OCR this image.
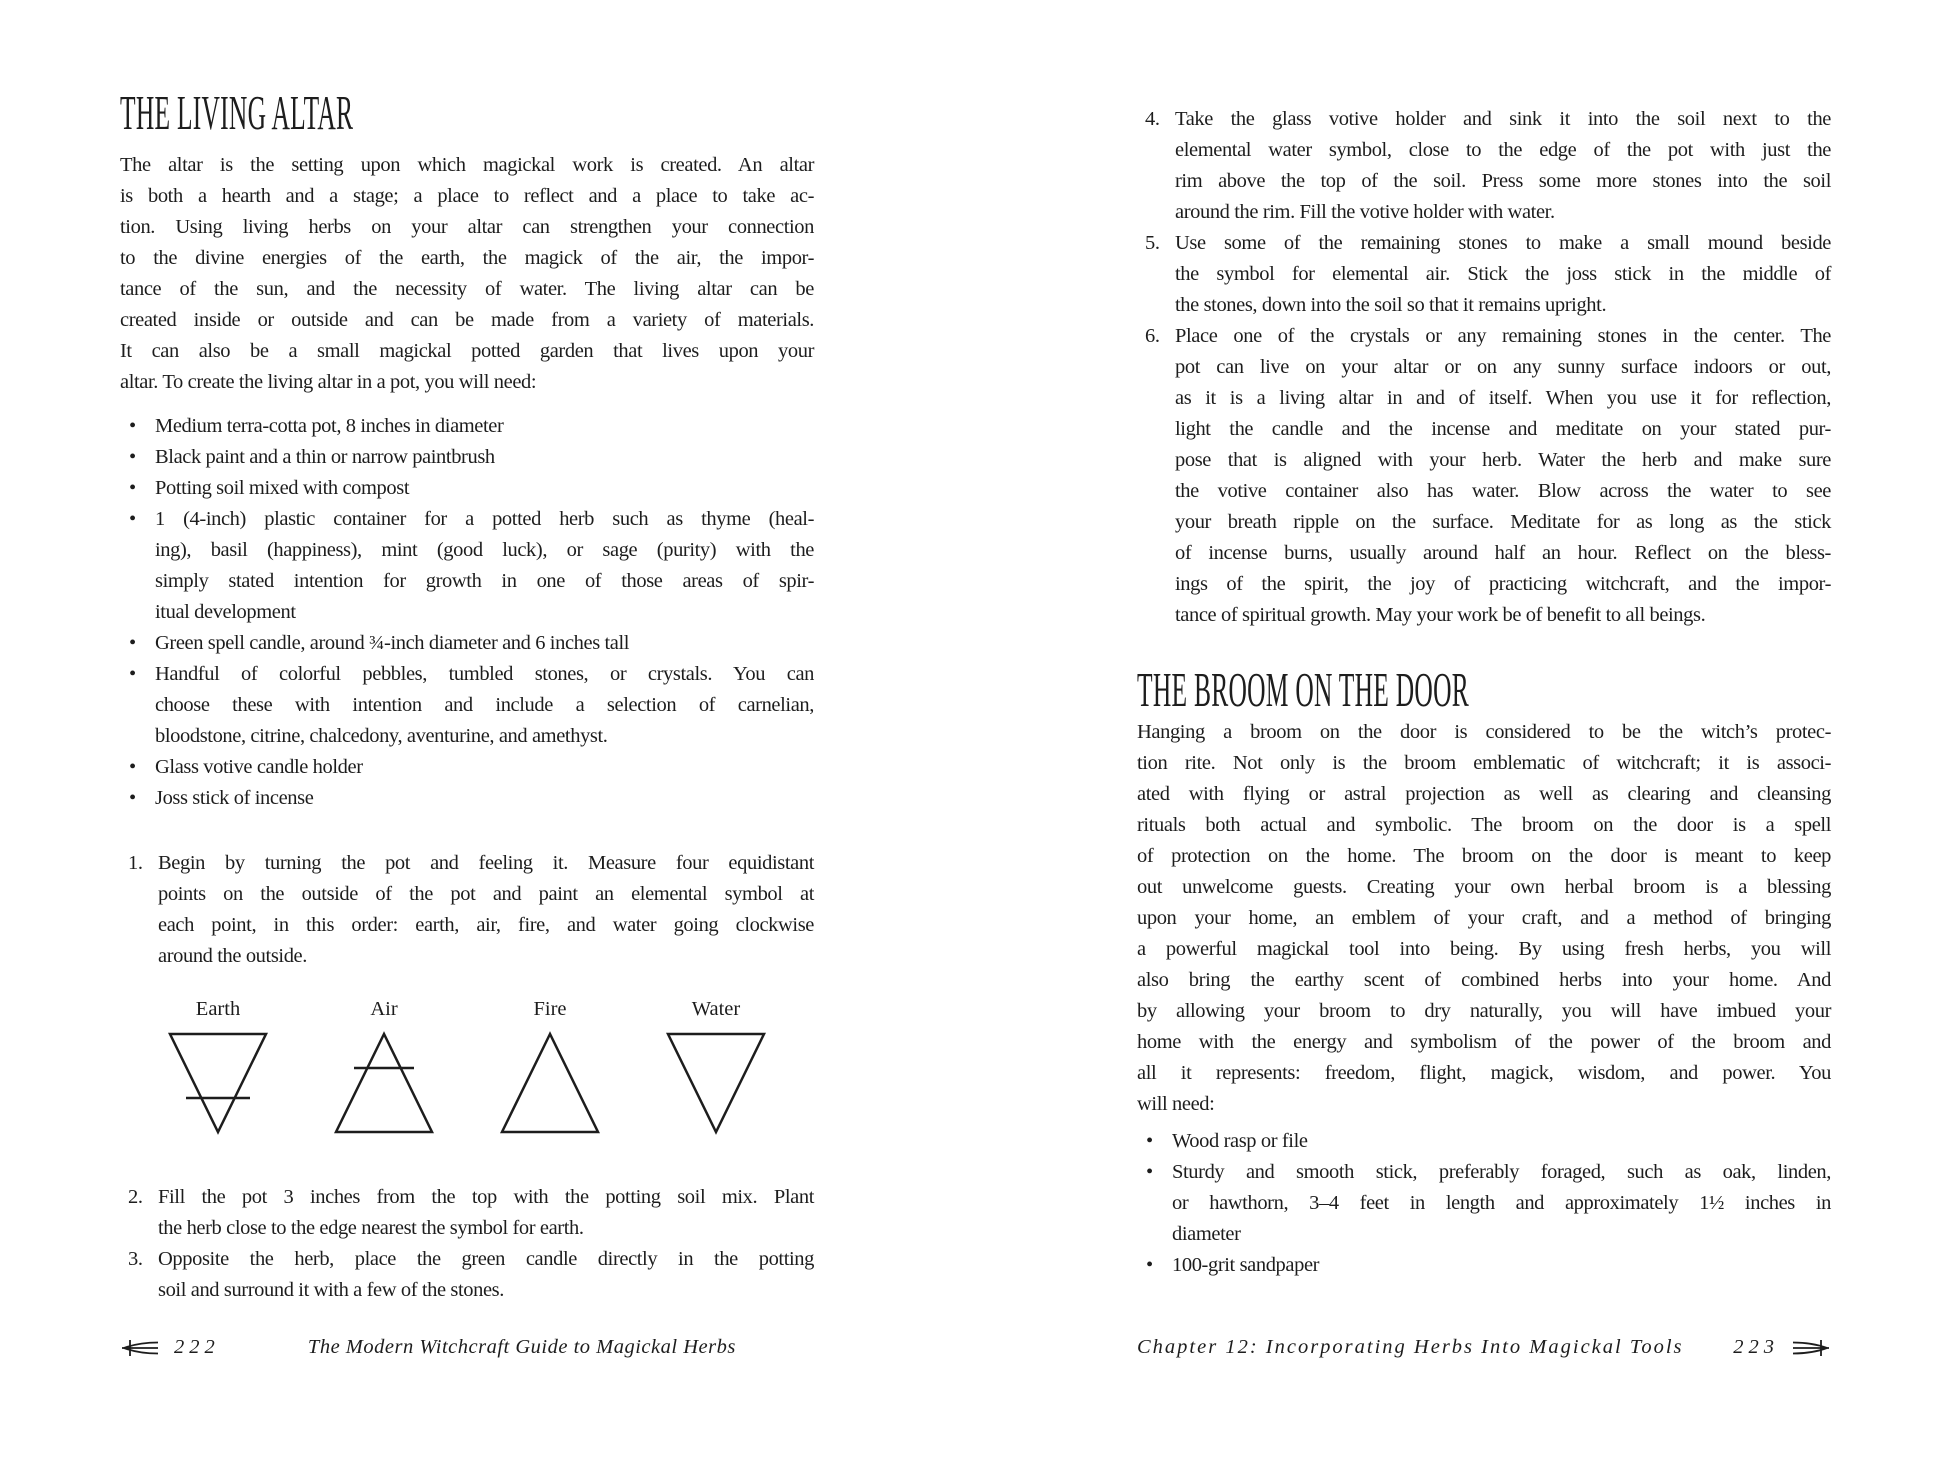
THE LIVING ALTAR
The altar is the setting upon which magickal work is created. An altar
is both a hearth and a stage; a place to reflect and a place to take ac-
tion. Using living herbs on your altar can strengthen your connection
to the divine energies of the earth, the magick of the air, the impor-
tance of the sun, and the necessity of water. The living altar can be
created inside or outside and can be made from a variety of materials.
It can also be a small magickal potted garden that lives upon your
altar. To create the living altar in a pot, you will need:
• Medium terra-cotta pot, 8 inches in diameter
• Black paint and a thin or narrow paintbrush
• Potting soil mixed with compost
• 1 (4-inch) plastic container for a potted herb such as thyme (heal-
ing), basil (happiness), mint (good luck), or sage (purity) with the
simply stated intention for growth in one of those areas of spir-
itual development
• Green spell candle, around ¾-inch diameter and 6 inches tall
• Handful of colorful pebbles, tumbled stones, or crystals. You can
choose these with intention and include a selection of carnelian,
bloodstone, citrine, chalcedony, aventurine, and amethyst.
• Glass votive candle holder
• Joss stick of incense
1. Begin by turning the pot and feeling it. Measure four equidistant
points on the outside of the pot and paint an elemental symbol at
each point, in this order: earth, air, fire, and water going clockwise
around the outside.
Earth	Air	Fire	Water
2. Fill the pot 3 inches from the top with the potting soil mix. Plant
the herb close to the edge nearest the symbol for earth.
3. Opposite the herb, place the green candle directly in the potting
soil and surround it with a few of the stones.
4. Take the glass votive holder and sink it into the soil next to the
elemental water symbol, close to the edge of the pot with just the
rim above the top of the soil. Press some more stones into the soil
around the rim. Fill the votive holder with water.
5. Use some of the remaining stones to make a small mound beside
the symbol for elemental air. Stick the joss stick in the middle of
the stones, down into the soil so that it remains upright.
6. Place one of the crystals or any remaining stones in the center. The
pot can live on your altar or on any sunny surface indoors or out,
as it is a living altar in and of itself. When you use it for reflection,
light the candle and the incense and meditate on your stated pur-
pose that is aligned with your herb. Water the herb and make sure
the votive container also has water. Blow across the water to see
your breath ripple on the surface. Meditate for as long as the stick
of incense burns, usually around half an hour. Reflect on the bless-
ings of the spirit, the joy of practicing witchcraft, and the impor-
tance of spiritual growth. May your work be of benefit to all beings.
THE BROOM ON THE DOOR
Hanging a broom on the door is considered to be the witch’s protec-
tion rite. Not only is the broom emblematic of witchcraft; it is associ-
ated with flying or astral projection as well as clearing and cleansing
rituals both actual and symbolic. The broom on the door is a spell
of protection on the home. The broom on the door is meant to keep
out unwelcome guests. Creating your own herbal broom is a blessing
upon your home, an emblem of your craft, and a method of bringing
a powerful magickal tool into being. By using fresh herbs, you will
also bring the earthy scent of combined herbs into your home. And
by allowing your broom to dry naturally, you will have imbued your
home with the energy and symbolism of the power of the broom and
all it represents: freedom, flight, magick, wisdom, and power. You
will need:
• Wood rasp or file
• Sturdy and smooth stick, preferably foraged, such as oak, linden,
or hawthorn, 3–4 feet in length and approximately 1½ inches in
diameter
• 100-grit sandpaper
222	The Modern Witchcraft Guide to Magickal Herbs	Chapter 12: Incorporating Herbs Into Magickal Tools 223
